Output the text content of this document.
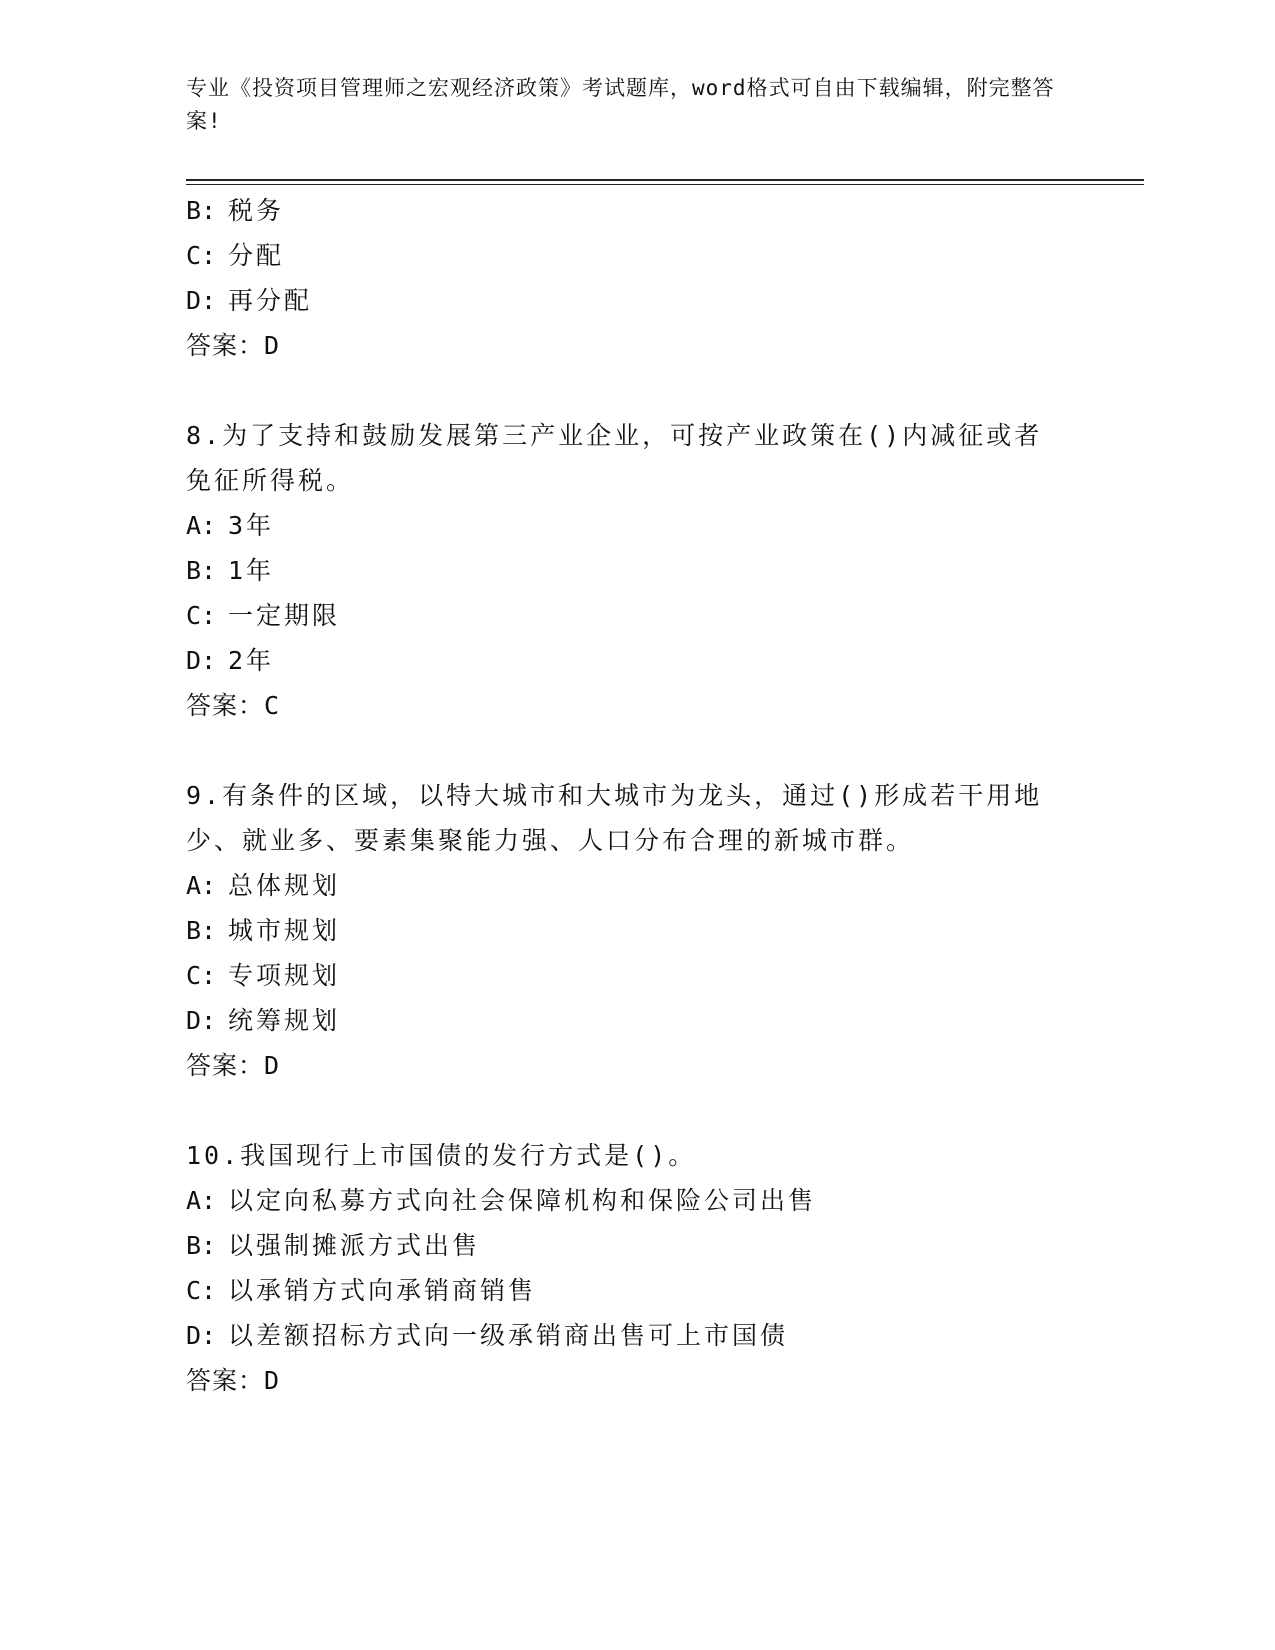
专业《投资项目管理师之宏观经济政策》考试题库，word格式可自由下载编辑，附完整答案!
B: 税务
C: 分配
D: 再分配
答案：D
8.为了支持和鼓励发展第三产业企业，可按产业政策在()内减征或者
免征所得税。
A: 3年
B: 1年
C: 一定期限
D: 2年
答案：C
9.有条件的区域，以特大城市和大城市为龙头，通过()形成若干用地
少、就业多、要素集聚能力强、人口分布合理的新城市群。
A: 总体规划
B: 城市规划
C: 专项规划
D: 统筹规划
答案：D
10.我国现行上市国债的发行方式是()。
A: 以定向私募方式向社会保障机构和保险公司出售
B: 以强制摊派方式出售
C: 以承销方式向承销商销售
D: 以差额招标方式向一级承销商出售可上市国债
答案：D
